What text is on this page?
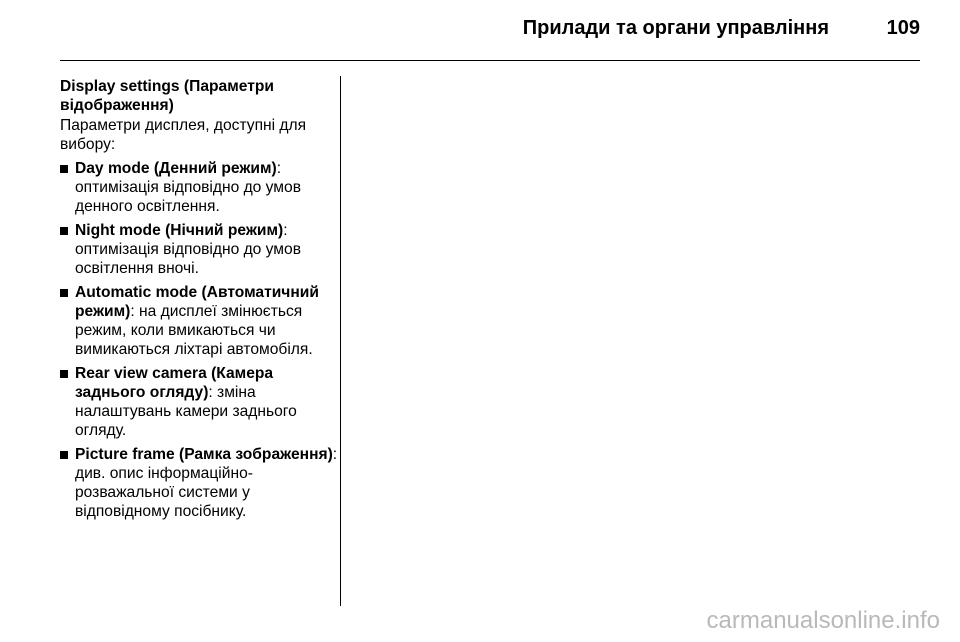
Прилади та органи управління	109

Display settings (Параметри відображення)

Параметри дисплея, доступні для вибору:

Day mode (Денний режим): оптимізація відповідно до умов денного освітлення.
Night mode (Нічний режим): оптимізація відповідно до умов освітлення вночі.
Automatic mode (Автоматичний режим): на дисплеї змінюється режим, коли вмикаються чи вимикаються ліхтарі автомобіля.
Rear view camera (Камера заднього огляду): зміна налаштувань камери заднього огляду.
Picture frame (Рамка зображення): див. опис інформаційно-розважальної системи у відповідному посібнику.
carmanualsonline.info
